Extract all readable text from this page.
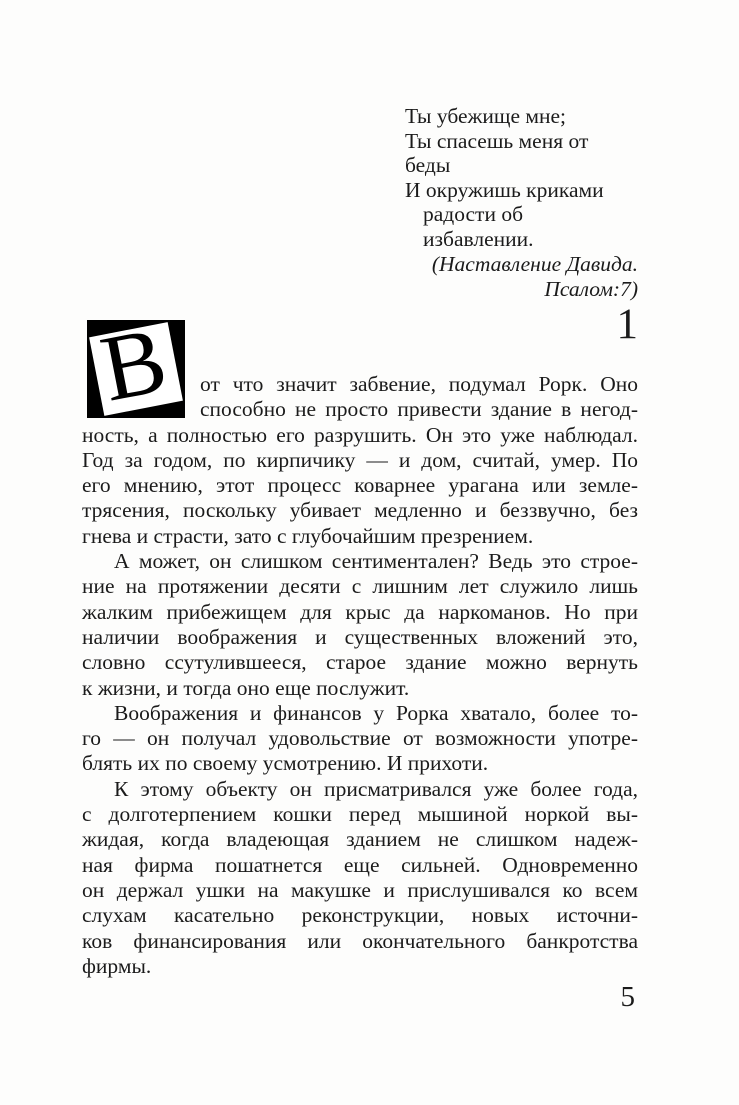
Ты убежище мне;
Ты спасешь меня от беды
И окружишь криками
радости об избавлении.
(Наставление Давида.
Псалом:7)
1
В	от что значит забвение, подумал Рорк. Оно
способно не просто привести здание в негод-
ность, а полностью его разрушить. Он это уже наблюдал.
Год за годом, по кирпичику — и дом, считай, умер. По
его мнению, этот процесс коварнее урагана или земле-
трясения, поскольку убивает медленно и беззвучно, без
гнева и страсти, зато с глубочайшим презрением.
А может, он слишком сентиментален? Ведь это строе-
ние на протяжении десяти с лишним лет служило лишь
жалким прибежищем для крыс да наркоманов. Но при
наличии воображения и существенных вложений это,
словно ссутулившееся, старое здание можно вернуть
к жизни, и тогда оно еще послужит.
Воображения и финансов у Рорка хватало, более то-
го — он получал удовольствие от возможности употре-
блять их по своему усмотрению. И прихоти.
К этому объекту он присматривался уже более года,
с долготерпением кошки перед мышиной норкой вы-
жидая, когда владеющая зданием не слишком надеж-
ная фирма пошатнется еще сильней. Одновременно
он держал ушки на макушке и прислушивался ко всем
слухам касательно реконструкции, новых источни-
ков финансирования или окончательного банкротства
фирмы.
5
